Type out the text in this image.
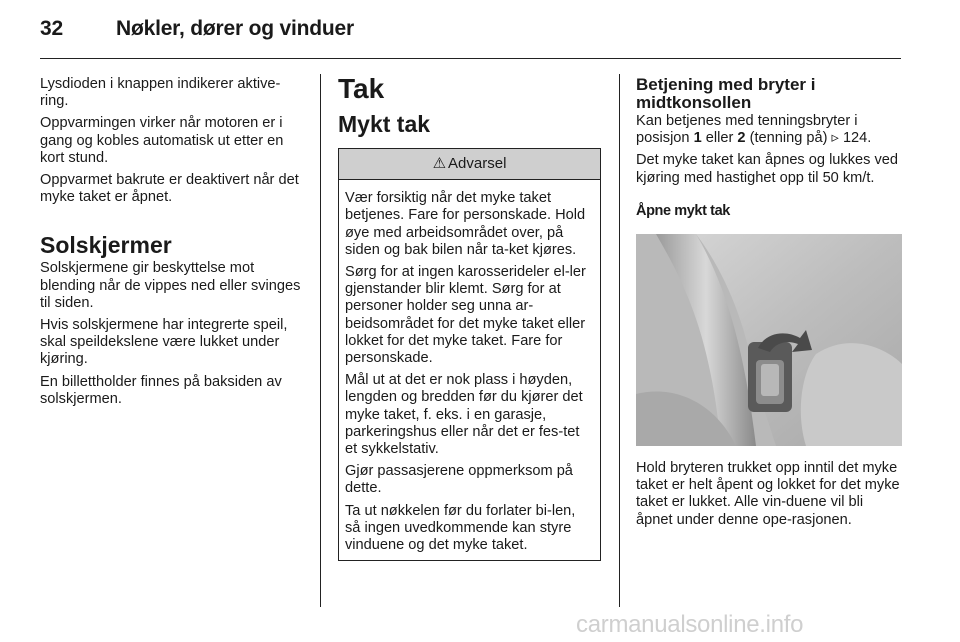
32	Nøkler, dører og vinduer

Lysdioden i knappen indikerer aktive-ring.

Oppvarmingen virker når motoren er i gang og kobles automatisk ut etter en kort stund.

Oppvarmet bakrute er deaktivert når det myke taket er åpnet.

Solskjermer

Solskjermene gir beskyttelse mot blending når de vippes ned eller svinges til siden.

Hvis solskjermene har integrerte speil, skal speildekslene være lukket under kjøring.

En billettholder finnes på baksiden av solskjermen.

Tak
Mykt tak
⚠ Advarsel

Vær forsiktig når det myke taket betjenes. Fare for personskade. Hold øye med arbeidsområdet over, på siden og bak bilen når ta-ket kjøres.

Sørg for at ingen karosserideler el-ler gjenstander blir klemt. Sørg for at personer holder seg unna ar-beidsområdet for det myke taket eller lokket for det myke taket. Fare for personskade.

Mål ut at det er nok plass i høyden, lengden og bredden før du kjører det myke taket, f. eks. i en garasje, parkeringshus eller når det er fes-tet et sykkelstativ.

Gjør passasjerene oppmerksom på dette.

Ta ut nøkkelen før du forlater bi-len, så ingen uvedkommende kan styre vinduene og det myke taket.

Betjening med bryter i midtkonsollen

Kan betjenes med tenningsbryter i posisjon 1 eller 2 (tenning på) ▹ 124.

Det myke taket kan åpnes og lukkes ved kjøring med hastighet opp til 50 km/t.

Åpne mykt tak

Hold bryteren trukket opp inntil det myke taket er helt åpent og lokket for det myke taket er lukket. Alle vin-duene vil bli åpnet under denne ope-rasjonen.

carmanualsonline.info
